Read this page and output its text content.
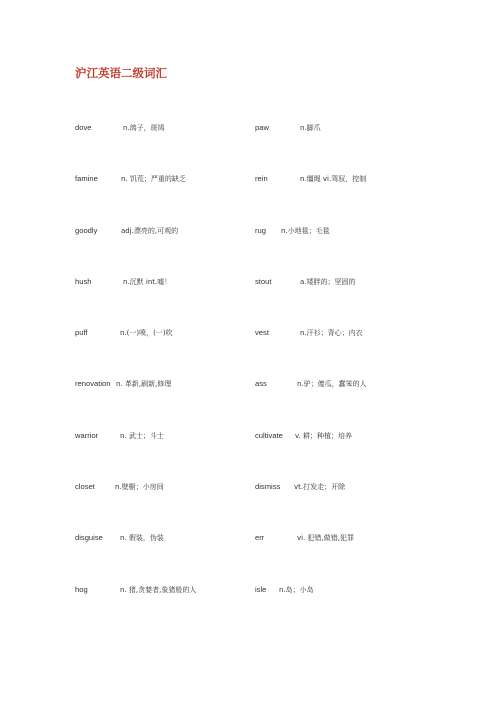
沪江英语二级词汇
dove	n.鸽子，斑鸠	paw	n.脚爪
famine	n. 饥荒；严重的缺乏	rein	n.缰绳 vi.驾驭，控制
goodly	adj.漂亮的,可观的	rug n.小地毯；毛毯
hush	n.沉默 int.嘘！	stout	a.矮胖的；坚固的
puff	n.(一)喷，(一)吹	vest	n.汗衫；背心；内衣
renovation n. 革新,刷新,修理	ass	n.驴；傻瓜，蠢笨的人
warrior	n. 武士；斗士	cultivate v. 耕；种植；培养
closet	n.壁橱；小房间	dismiss vt.打发走；开除
disguise n. 假装，伪装	err	vi. 犯错,做错,犯罪
hog	n. 猪,贪婪者,象猪般的人	isle n.岛；小岛
